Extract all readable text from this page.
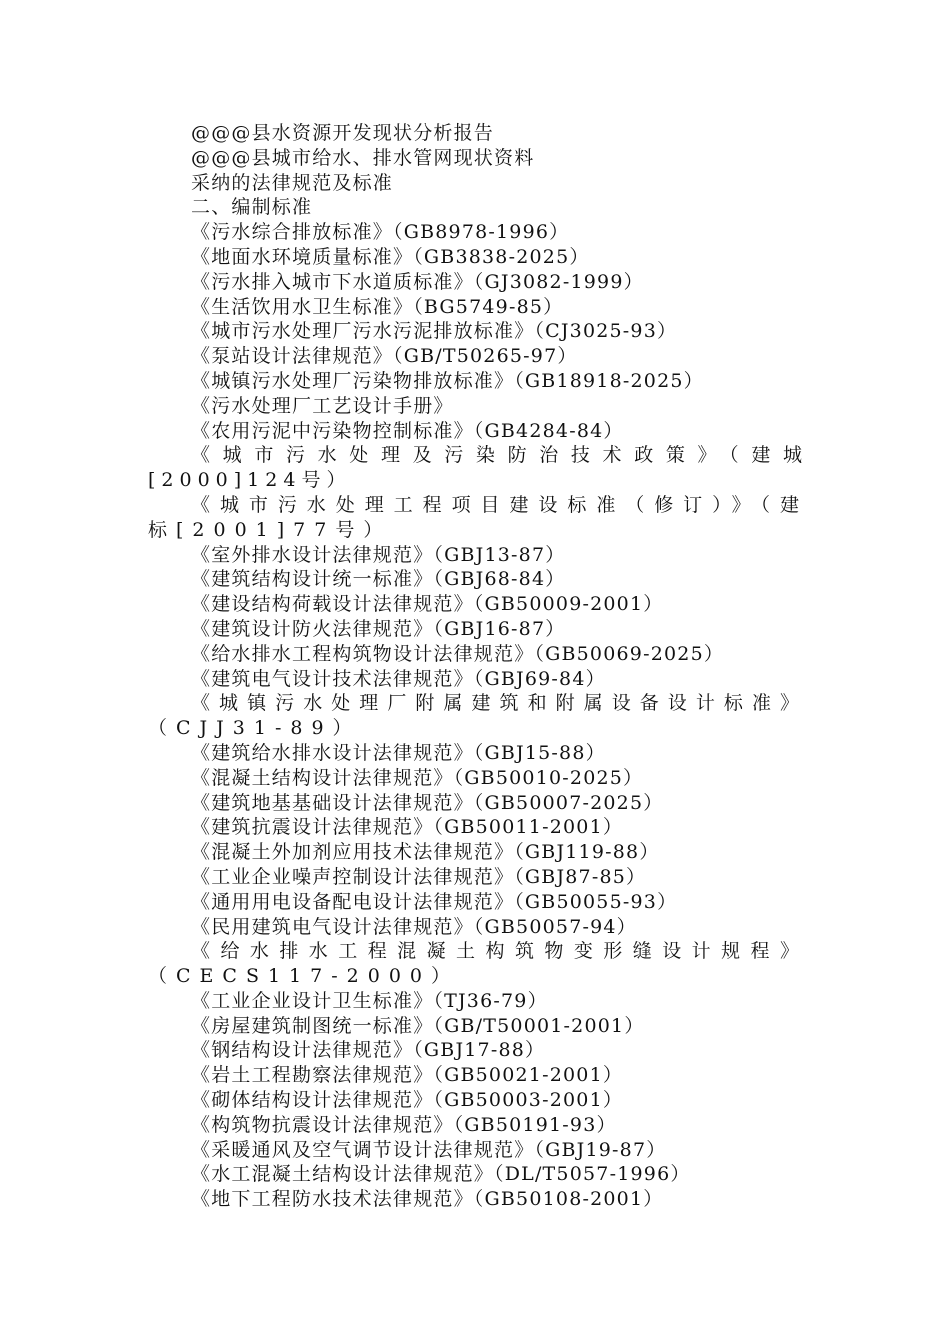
@@@县水资源开发现状分析报告
@@@县城市给水、排水管网现状资料
采纳的法律规范及标准
二、编制标准
《污水综合排放标准》（GB8978-1996）
《地面水环境质量标准》（GB3838-2025）
《污水排入城市下水道质标准》（GJ3082-1999）
《生活饮用水卫生标准》（BG5749-85）
《城市污水处理厂污水污泥排放标准》（CJ3025-93）
《泵站设计法律规范》（GB/T50265-97）
《城镇污水处理厂污染物排放标准》（GB18918-2025）
《污水处理厂工艺设计手册》
《农用污泥中污染物控制标准》（GB4284-84）
《城市污水处理及污染防治技术政策》（建城[2000]124号）
《城市污水处理工程项目建设标准（修订）》（建标[2001]77号）
《室外排水设计法律规范》（GBJ13-87）
《建筑结构设计统一标准》（GBJ68-84）
《建设结构荷载设计法律规范》（GB50009-2001）
《建筑设计防火法律规范》（GBJ16-87）
《给水排水工程构筑物设计法律规范》（GB50069-2025）
《建筑电气设计技术法律规范》（GBJ69-84）
《城镇污水处理厂附属建筑和附属设备设计标准》（CJJ31-89）
《建筑给水排水设计法律规范》（GBJ15-88）
《混凝土结构设计法律规范》（GB50010-2025）
《建筑地基基础设计法律规范》（GB50007-2025）
《建筑抗震设计法律规范》（GB50011-2001）
《混凝土外加剂应用技术法律规范》（GBJ119-88）
《工业企业噪声控制设计法律规范》（GBJ87-85）
《通用用电设备配电设计法律规范》（GB50055-93）
《民用建筑电气设计法律规范》（GB50057-94）
《给水排水工程混凝土构筑物变形缝设计规程》（CECS117-2000）
《工业企业设计卫生标准》（TJ36-79）
《房屋建筑制图统一标准》（GB/T50001-2001）
《钢结构设计法律规范》（GBJ17-88）
《岩土工程勘察法律规范》（GB50021-2001）
《砌体结构设计法律规范》（GB50003-2001）
《构筑物抗震设计法律规范》（GB50191-93）
《采暖通风及空气调节设计法律规范》（GBJ19-87）
《水工混凝土结构设计法律规范》（DL/T5057-1996）
《地下工程防水技术法律规范》（GB50108-2001）
